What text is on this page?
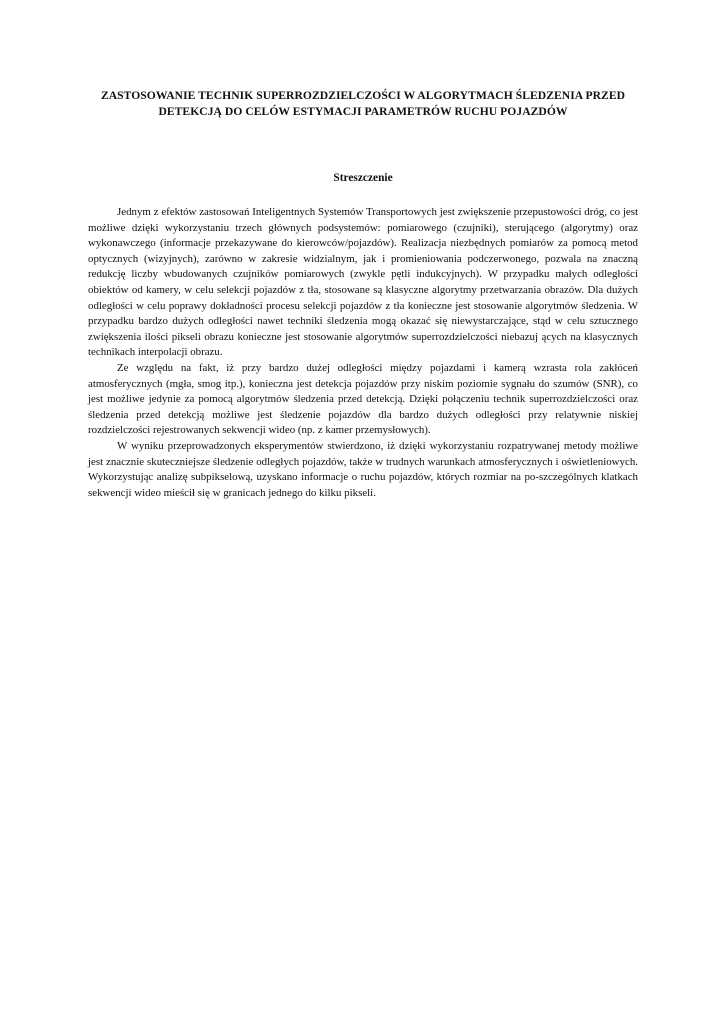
ZASTOSOWANIE TECHNIK SUPERROZDZIELCZOŚCI W ALGORYTMACH ŚLEDZENIA PRZED
DETEKCJĄ DO CELÓW ESTYMACJI PARAMETRÓW RUCHU POJAZDÓW
Streszczenie

Jednym z efektów zastosowań Inteligentnych Systemów Transportowych jest zwiększenie przepustowości dróg, co jest możliwe dzięki wykorzystaniu trzech głównych podsystemów: pomiarowego (czujniki), sterującego (algorytmy) oraz wykonawczego (informacje przekazywane do kierowców/pojazdów). Realizacja niezbędnych pomiarów za pomocą metod optycznych (wizyjnych), zarówno w zakresie widzialnym, jak i promieniowania podczerwonego, pozwala na znaczną redukcję liczby wbudowanych czujników pomiarowych (zwykle pętli indukcyjnych). W przypadku małych odległości obiektów od kamery, w celu selekcji pojazdów z tła, stosowane są klasyczne algorytmy przetwarzania obrazów. Dla dużych odległości w celu poprawy dokładności procesu selekcji pojazdów z tła konieczne jest stosowanie algorytmów śledzenia. W przypadku bardzo dużych odległości nawet techniki śledzenia mogą okazać się niewystarczające, stąd w celu sztucznego zwiększenia ilości pikseli obrazu konieczne jest stosowanie algorytmów superrozdzielczości niebazuj ących na klasycznych technikach interpolacji obrazu.

Ze względu na fakt, iż przy bardzo dużej odległości między pojazdami i kamerą wzrasta rola zakłóceń atmosferycznych (mgła, smog itp.), konieczna jest detekcja pojazdów przy niskim poziomie sygnału do szumów (SNR), co jest możliwe jedynie za pomocą algorytmów śledzenia przed detekcją. Dzięki połączeniu technik superrozdzielczości oraz śledzenia przed detekcją możliwe jest śledzenie pojazdów dla bardzo dużych odległości przy relatywnie niskiej rozdzielczości rejestrowanych sekwencji wideo (np. z kamer przemysłowych).

W wyniku przeprowadzonych eksperymentów stwierdzono, iż dzięki wykorzystaniu rozpatrywanej metody możliwe jest znacznie skuteczniejsze śledzenie odległych pojazdów, także w trudnych warunkach atmosferycznych i oświetleniowych. Wykorzystując analizę subpikselową, uzyskano informacje o ruchu pojazdów, których rozmiar na po-szczególnych klatkach sekwencji wideo mieścił się w granicach jednego do kilku pikseli.
